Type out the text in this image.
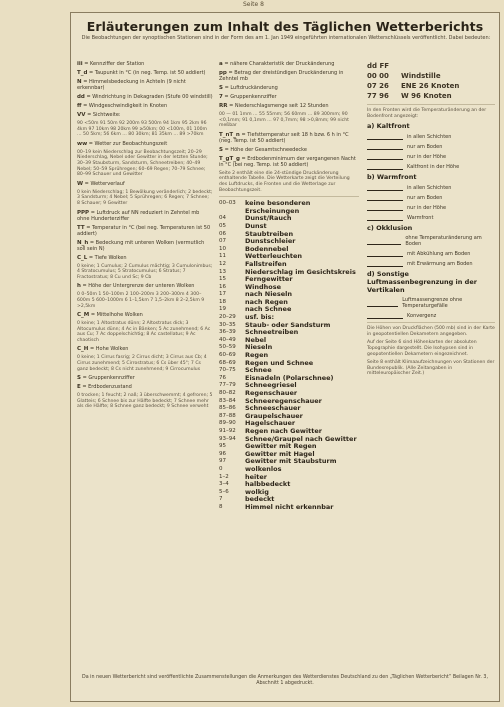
Seite 8
Erläuterungen zum Inhalt des Täglichen Wetterberichts
Die Beobachtungen der synoptischen Stationen sind in der Form des am 1. Jan 1949 eingeführten internationalen Wetterschlüssels veröffentlicht. Dabei bedeuten:
iii = Kennziffer der Station
T_d = Taupunkt in °C (in neg. Temp. ist 50 addiert)
N = Himmelsbedeckung in Achteln (9 nicht erkennbar)
dd = Windrichtung in Dekagraden (Stufe 00 windstill)
ff = Windgeschwindigkeit in Knoten
VV = Sichtweite:
90 <50m 91 50m 92 200m 93 500m 94 1km 95 2km 96 4km 97 10km 98 20km 99 ≥50km; 00 <100m, 01 100m … 50 5km; 56 6km … 80 30km; 81 35km … 89 >70km
ww = Wetter zur Beobachtungszeit
00–19 kein Niederschlag zur Beobachtungszeit; 20–29 Niederschlag, Nebel oder Gewitter in der letzten Stunde; 30–39 Staubsturm, Sandsturm, Schneetreiben; 40–49 Nebel; 50–59 Sprühregen; 60–69 Regen; 70–79 Schnee; 80–99 Schauer und Gewitter
W = Wetterverlauf
0 kein Niederschlag; 1 Bewölkung veränderlich; 2 bedeckt; 3 Sandsturm; 4 Nebel; 5 Sprühregen; 6 Regen; 7 Schnee; 8 Schauer; 9 Gewitter
PPP = Luftdruck auf NN reduziert in Zehntel mb ohne Hunderterziffer
TT = Temperatur in °C (bei neg. Temperaturen ist 50 addiert)
N_h = Bedeckung mit unteren Wolken (vermutlich soll sein N)
C_L = Tiefe Wolken
0 keine; 1 Cumulus; 2 Cumulus mächtig; 3 Cumulonimbus; 4 Stratocumulus; 5 Stratocumulus; 6 Stratus; 7 Fractostratus; 8 Cu und Sc; 9 Cb
h = Höhe der Untergrenze der unteren Wolken
0 0–50m 1 50–100m 2 100–200m 3 200–300m 4 300–600m 5 600–1000m 6 1–1,5km 7 1,5–2km 8 2–2,5km 9 >2,5km
C_M = Mittelhohe Wolken
0 keine; 1 Altostratus dünn; 2 Altostratus dick; 3 Altocumulus dünn; 4 Ac in Bänken; 5 Ac zunehmend; 6 Ac aus Cu; 7 Ac doppelschichtig; 8 Ac castellatus; 9 Ac chaotisch
C_H = Hohe Wolken
0 keine; 1 Cirrus fasrig; 2 Cirrus dicht; 3 Cirrus aus Cb; 4 Cirrus zunehmend; 5 Cirrostratus; 6 Cs über 45°; 7 Cs ganz bedeckt; 8 Cs nicht zunehmend; 9 Cirrocumulus
S = Gruppenkennziffer
E = Erdbodenzustand
0 trocken; 1 feucht; 2 naß; 3 überschwemmt; 4 gefroren; 5 Glatteis; 6 Schnee bis zur Hälfte bedeckt; 7 Schnee mehr als die Hälfte; 8 Schnee ganz bedeckt; 9 Schnee verweht
a = nähere Charakteristik der Druckänderung
pp = Betrag der dreistündigen Druckänderung in Zehntel mb
S = Luftdruckänderung
7 = Gruppenkennziffer
RR = Niederschlagsmenge seit 12 Stunden
00 — 01 1mm … 55 55mm; 56 60mm … 89 300mm; 90 <0,1mm; 91 0,1mm … 97 0,7mm; 98 >0,8mm; 99 nicht meßbar
T_nT_n = Tiefsttemperatur seit 18 h bzw. 6 h in °C (neg. Temp. ist 50 addiert)
S = Höhe der Gesamtschneedecke
T_gT_g = Erdbodenminimum der vergangenen Nacht in °C (bei neg. Temp. ist 50 addiert)
Seite 2 enthält eine die 24-stündige Druckänderung enthaltende Tabelle. Die Wetterkarte zeigt die Verteilung des Luftdrucks, die Fronten und die Wetterlage zur Beobachtungszeit.
00–03	keine besonderen Erscheinungen
04	Dunst/Rauch
05	Dunst
06	Staubtreiben
07	Dunstschleier
10	Bodennebel
11	Wetterleuchten
12	Fallstreifen
13	Niederschlag im Gesichtskreis
15	Ferngewitter
16	Windhose
17	nach Nieseln
18	nach Regen
19	nach Schnee
20–29	usf. bis:
30–35	Staub- oder Sandsturm
36–39	Schneetreiben
40–49	Nebel
50–59	Nieseln
60–69	Regen
68–69	Regen und Schnee
70–75	Schnee
76	Eisnadeln (Polarschnee)
77–79	Schneegriesel
80–82	Regenschauer
83–84	Schneeregenschauer
85–86	Schneeschauer
87–88	Graupelschauer
89–90	Hagelschauer
91–92	Regen nach Gewitter
93–94	Schnee/Graupel nach Gewitter
95	Gewitter mit Regen
96	Gewitter mit Hagel
97	Gewitter mit Staubsturm
0	wolkenlos
1–2	heiter
3–4	halbbedeckt
5–6	wolkig
7	bedeckt
8	Himmel nicht erkennbar
dd FF
00 00	Windstille
07 26	ENE 26 Knoten
77 96	W 96 Knoten
In den Fronten wird die Temperaturänderung an der Bodenfront angezeigt:
a) Kaltfront
in allen Schichten
nur am Boden
nur in der Höhe
Kaltfront in der Höhe
b) Warmfront
in allen Schichten
nur am Boden
nur in der Höhe
Warmfront
c) Okklusion
ohne Temperaturänderung am Boden
mit Abkühlung am Boden
mit Erwärmung am Boden
d) Sonstige Luftmassenbegrenzung in der Vertikalen
Luftmassengrenze ohne Temperaturgefälle
Konvergenz
Die Höhen von Druckflächen (500 mb) sind in der Karte in geopotentiellen Dekametern angegeben.
Auf der Seite 6 sind Höhenkarten der absoluten Topographie dargestellt. Die Isohypsen sind in geopotentiellen Dekametern eingezeichnet.
Seite 8 enthält Klimaaufzeichnungen von Stationen der Bundesrepublik. (Alle Zeitangaben in mitteleuropäischer Zeit.)
Da in neuen Wetterbericht sind veröffentlichte Zusammenstellungen die Anmerkungen des Wetterdienstes Deutschland zu den „Täglichen Wetterbericht“ Beilagen Nr. 3, Abschnitt 1 abgedruckt.
